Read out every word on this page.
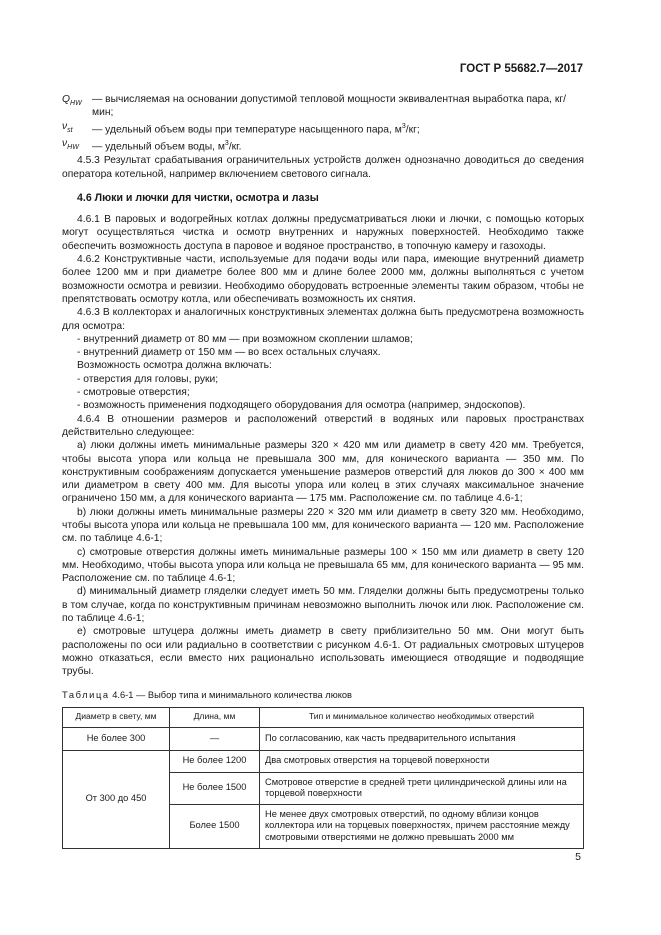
ГОСТ Р 55682.7—2017
$Q_{HW}$	— вычисляемая на основании допустимой тепловой мощности эквивалентная выработка пара, кг/мин;
$\nu_{st}$	— удельный объем воды при температуре насыщенного пара, $м^3/кг$;
$\nu_{HW}$	— удельный объем воды, $м^3/кг$.

4.5.3 Результат срабатывания ограничительных устройств должен однозначно доводиться до сведения оператора котельной, например включением светового сигнала.

4.6 Люки и лючки для чистки, осмотра и лазы

4.6.1 В паровых и водогрейных котлах должны предусматриваться люки и лючки, с помощью которых могут осуществляться чистка и осмотр внутренних и наружных поверхностей. Необходимо также обеспечить возможность доступа в паровое и водяное пространство, в топочную камеру и газоходы.

4.6.2 Конструктивные части, используемые для подачи воды или пара, имеющие внутренний диаметр более 1200 мм и при диаметре более 800 мм и длине более 2000 мм, должны выполняться с учетом возможности осмотра и ревизии. Необходимо оборудовать встроенные элементы таким образом, чтобы не препятствовать осмотру котла, или обеспечивать возможность их снятия.

4.6.3 В коллекторах и аналогичных конструктивных элементах должна быть предусмотрена возможность для осмотра:

- внутренний диаметр от 80 мм — при возможном скоплении шламов;
- внутренний диаметр от 150 мм — во всех остальных случаях.

Возможность осмотра должна включать:

- отверстия для головы, руки;
- смотровые отверстия;
- возможность применения подходящего оборудования для осмотра (например, эндоскопов).

4.6.4 В отношении размеров и расположений отверстий в водяных или паровых пространствах действительно следующее:

а) люки должны иметь минимальные размеры 320 × 420 мм или диаметр в свету 420 мм. Требуется, чтобы высота упора или кольца не превышала 300 мм, для конического варианта — 350 мм. По конструктивным соображениям допускается уменьшение размеров отверстий для люков до 300 × 400 мм или диаметром в свету 400 мм. Для высоты упора или колец в этих случаях максимальное значение ограничено 150 мм, а для конического варианта — 175 мм. Расположение см. по таблице 4.6-1;

b) люки должны иметь минимальные размеры 220 × 320 мм или диаметр в свету 320 мм. Необходимо, чтобы высота упора или кольца не превышала 100 мм, для конического варианта — 120 мм. Расположение см. по таблице 4.6-1;

с) смотровые отверстия должны иметь минимальные размеры 100 × 150 мм или диаметр в свету 120 мм. Необходимо, чтобы высота упора или кольца не превышала 65 мм, для конического варианта — 95 мм. Расположение см. по таблице 4.6-1;

d) минимальный диаметр гляделки следует иметь 50 мм. Гляделки должны быть предусмотрены только в том случае, когда по конструктивным причинам невозможно выполнить лючок или люк. Расположение см. по таблице 4.6-1;

е) смотровые штуцера должны иметь диаметр в свету приблизительно 50 мм. Они могут быть расположены по оси или радиально в соответствии с рисунком 4.6-1. От радиальных смотровых штуцеров можно отказаться, если вместо них рационально использовать имеющиеся отводящие и подводящие трубы.

Таблица 4.6-1 — Выбор типа и минимального количества люков
Диаметр в свету, мм	Длина, мм	Тип и минимальное количество необходимых отверстий
Не более 300	—	По согласованию, как часть предварительного испытания
От 300 до 450	Не более 1200	Два смотровых отверстия на торцевой поверхности
	Не более 1500	Смотровое отверстие в средней трети цилиндрической длины или на торцевой поверхности
	Более 1500	Не менее двух смотровых отверстий, по одному вблизи концов коллектора или на торцевых поверхностях, причем расстояние между смотровыми отверстиями не должно превышать 2000 мм
5
